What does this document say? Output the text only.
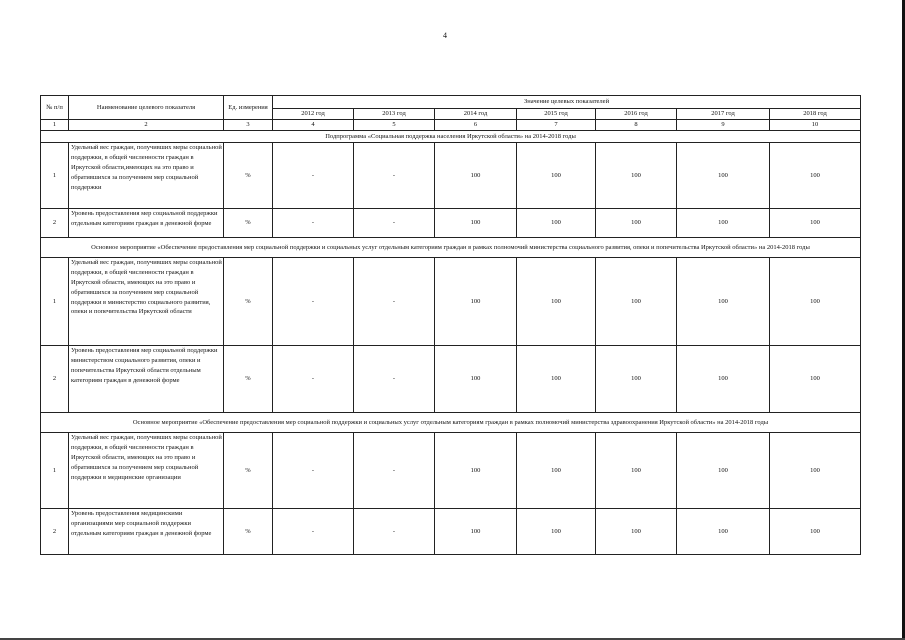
4
№ п/п	Наименование целевого показателя	Ед. измерения	Значение целевых показателей						
			2012 год	2013 год	2014 год	2015 год	2016 год	2017 год	2018 год
1	2	3	4	5	6	7	8	9	10
Подпрограмма «Социальная поддержка населения Иркутской области» на 2014-2018 годы									
1	Удельный вес граждан, получивших меры социальной поддержки, в общей численности граждан в Иркутской области,имеющих на это право и обратившихся за получением мер социальной поддержки	%	-	-	100	100	100	100	100
2	Уровень предоставления мер социальной поддержки отдельным категориям граждан в денежной форме	%	-	-	100	100	100	100	100
Основное мероприятие «Обеспечение предоставления мер социальной поддержки и социальных услуг отдельным категориям граждан в рамках полномочий министерства социального развития, опеки и попечительства Иркутской области» на 2014-2018 годы									
1	Удельный вес граждан, получивших меры социальной поддержки, в общей численности граждан в Иркутской области, имеющих на это право и обратившихся за получением мер социальной поддержки в министерство социального развития, опеки и попечительства Иркутской области	%	-	-	100	100	100	100	100
2	Уровень предоставления мер социальной поддержки министерством социального развития, опеки и попечительства Иркутской области отдельным категориям граждан в денежной форме	%	-	-	100	100	100	100	100
Основное мероприятие «Обеспечение предоставления мер социальной поддержки и социальных услуг отдельным категориям граждан в рамках полномочий министерства здравоохранения Иркутской области» на 2014-2018 годы									
1	Удельный вес граждан, получивших меры социальной поддержки, в общей численности граждан в Иркутской области, имеющих на это право и обратившихся за получением мер социальной поддержки в медицинские организации	%	-	-	100	100	100	100	100
2	Уровень предоставления медицинскими организациями мер социальной поддержки отдельным категориям граждан в денежной форме	%	-	-	100	100	100	100	100
